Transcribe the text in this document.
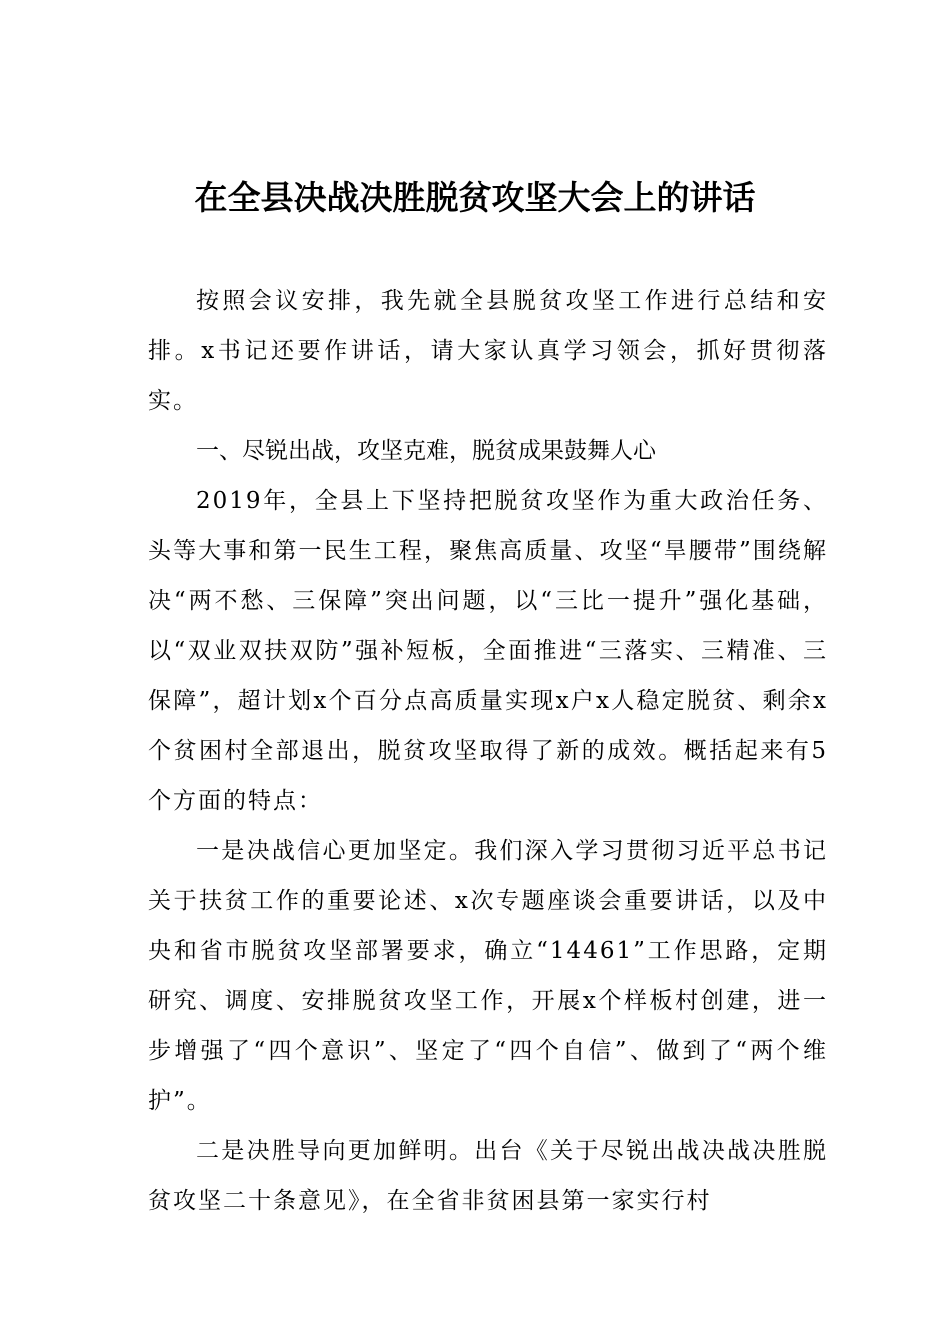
在全县决战决胜脱贫攻坚大会上的讲话
按照会议安排，我先就全县脱贫攻坚工作进行总结和安排。x书记还要作讲话，请大家认真学习领会，抓好贯彻落实。
一、尽锐出战，攻坚克难，脱贫成果鼓舞人心
2019年，全县上下坚持把脱贫攻坚作为重大政治任务、头等大事和第一民生工程，聚焦高质量、攻坚“旱腰带”围绕解决“两不愁、三保障”突出问题，以“三比一提升”强化基础，以“双业双扶双防”强补短板，全面推进“三落实、三精准、三保障”，超计划x个百分点高质量实现x户x人稳定脱贫、剩余x个贫困村全部退出，脱贫攻坚取得了新的成效。概括起来有5个方面的特点：
一是决战信心更加坚定。我们深入学习贯彻习近平总书记关于扶贫工作的重要论述、x次专题座谈会重要讲话，以及中央和省市脱贫攻坚部署要求，确立“14461”工作思路，定期研究、调度、安排脱贫攻坚工作，开展x个样板村创建，进一步增强了“四个意识”、坚定了“四个自信”、做到了“两个维护”。
二是决胜导向更加鲜明。出台《关于尽锐出战决战决胜脱贫攻坚二十条意见》，在全省非贫困县第一家实行村
